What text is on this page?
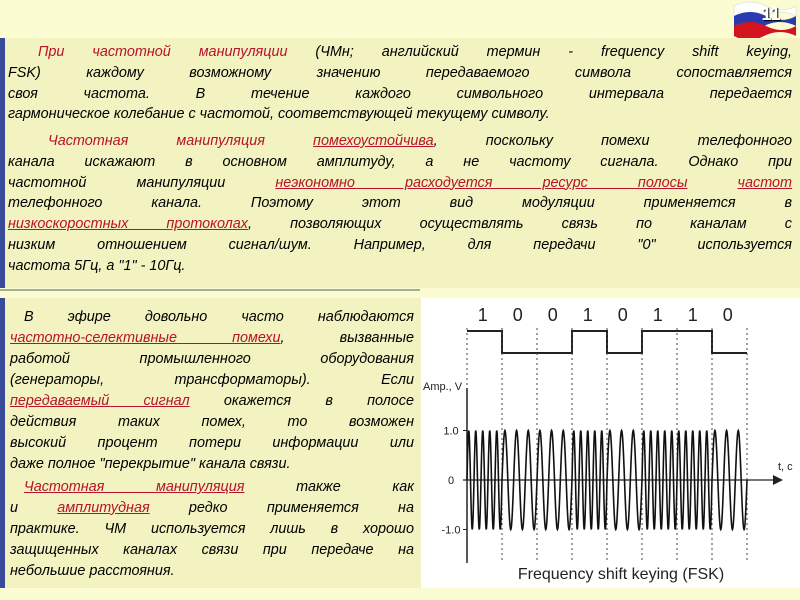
11
При частотной манипуляции (ЧМн; английский термин - frequency shift keying,
FSK) каждому возможному значению передаваемого символа сопоставляется
своя частота. В течение каждого символьного интервала передается
гармоническое колебание с частотой, соответствующей текущему символу.
Частотная манипуляция	помехоустойчива, поскольку помехи телефонного
канала искажают в основном амплитуду, а не частоту сигнала. Однако при
частотной манипуляции неэкономно расходуется ресурс полосы	частот
телефонного канала. Поэтому этот вид модуляции применяется в
низкоскоростных протоколах, позволяющих осуществлять связь по каналам с
низким отношением сигнал/шум. Например, для передачи "0" используется
частота 5Гц, а "1" - 10Гц.
В эфире довольно часто наблюдаются
частотно-селективные помехи, вызванные
работой промышленного оборудования
(генераторы, трансформаторы). Если
передаваемый сигнал окажется в полосе
действия таких помех, то возможен
высокий процент потери информации или
даже полное "перекрытие" канала связи.
Частотная манипуляция также как
и амплитудная редко применяется на
практике. ЧМ используется лишь в хорошо
защищенных каналах связи при передаче на
небольшие расстояния.
1 0 0 1 0 1 1 0
Amp., V
t, c
1.0
0
-1.0
Frequency shift keying (FSK)
